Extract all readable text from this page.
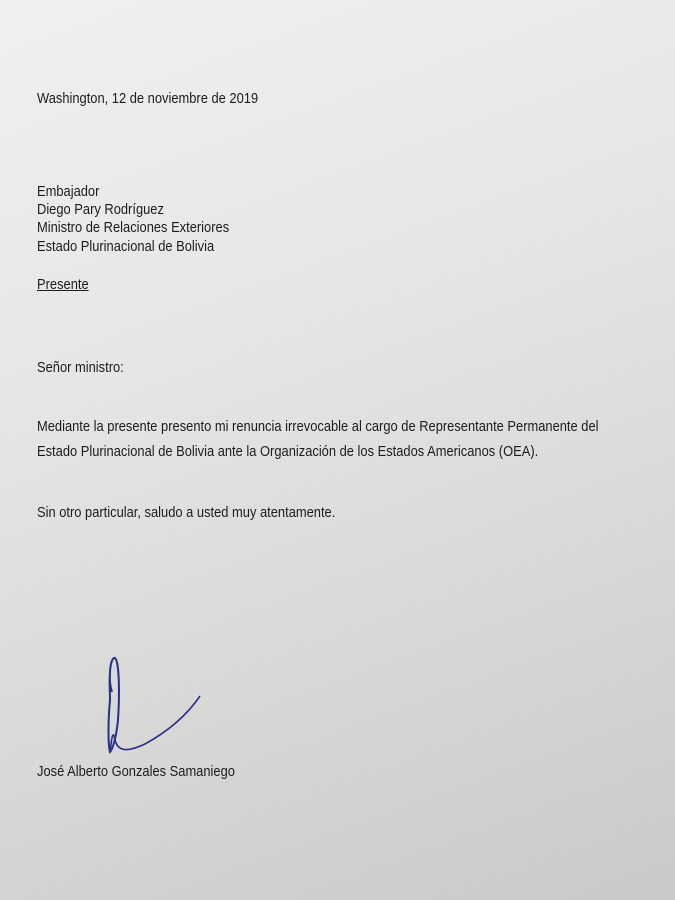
Washington, 12 de noviembre de 2019
Embajador
Diego Pary Rodríguez
Ministro de Relaciones Exteriores
Estado Plurinacional de Bolivia
Presente
Señor ministro:
Mediante la presente presento mi renuncia irrevocable al cargo de Representante Permanente del
Estado Plurinacional de Bolivia ante la Organización de los Estados Americanos (OEA).
Sin otro particular, saludo a usted muy atentamente.
José Alberto Gonzales Samaniego
